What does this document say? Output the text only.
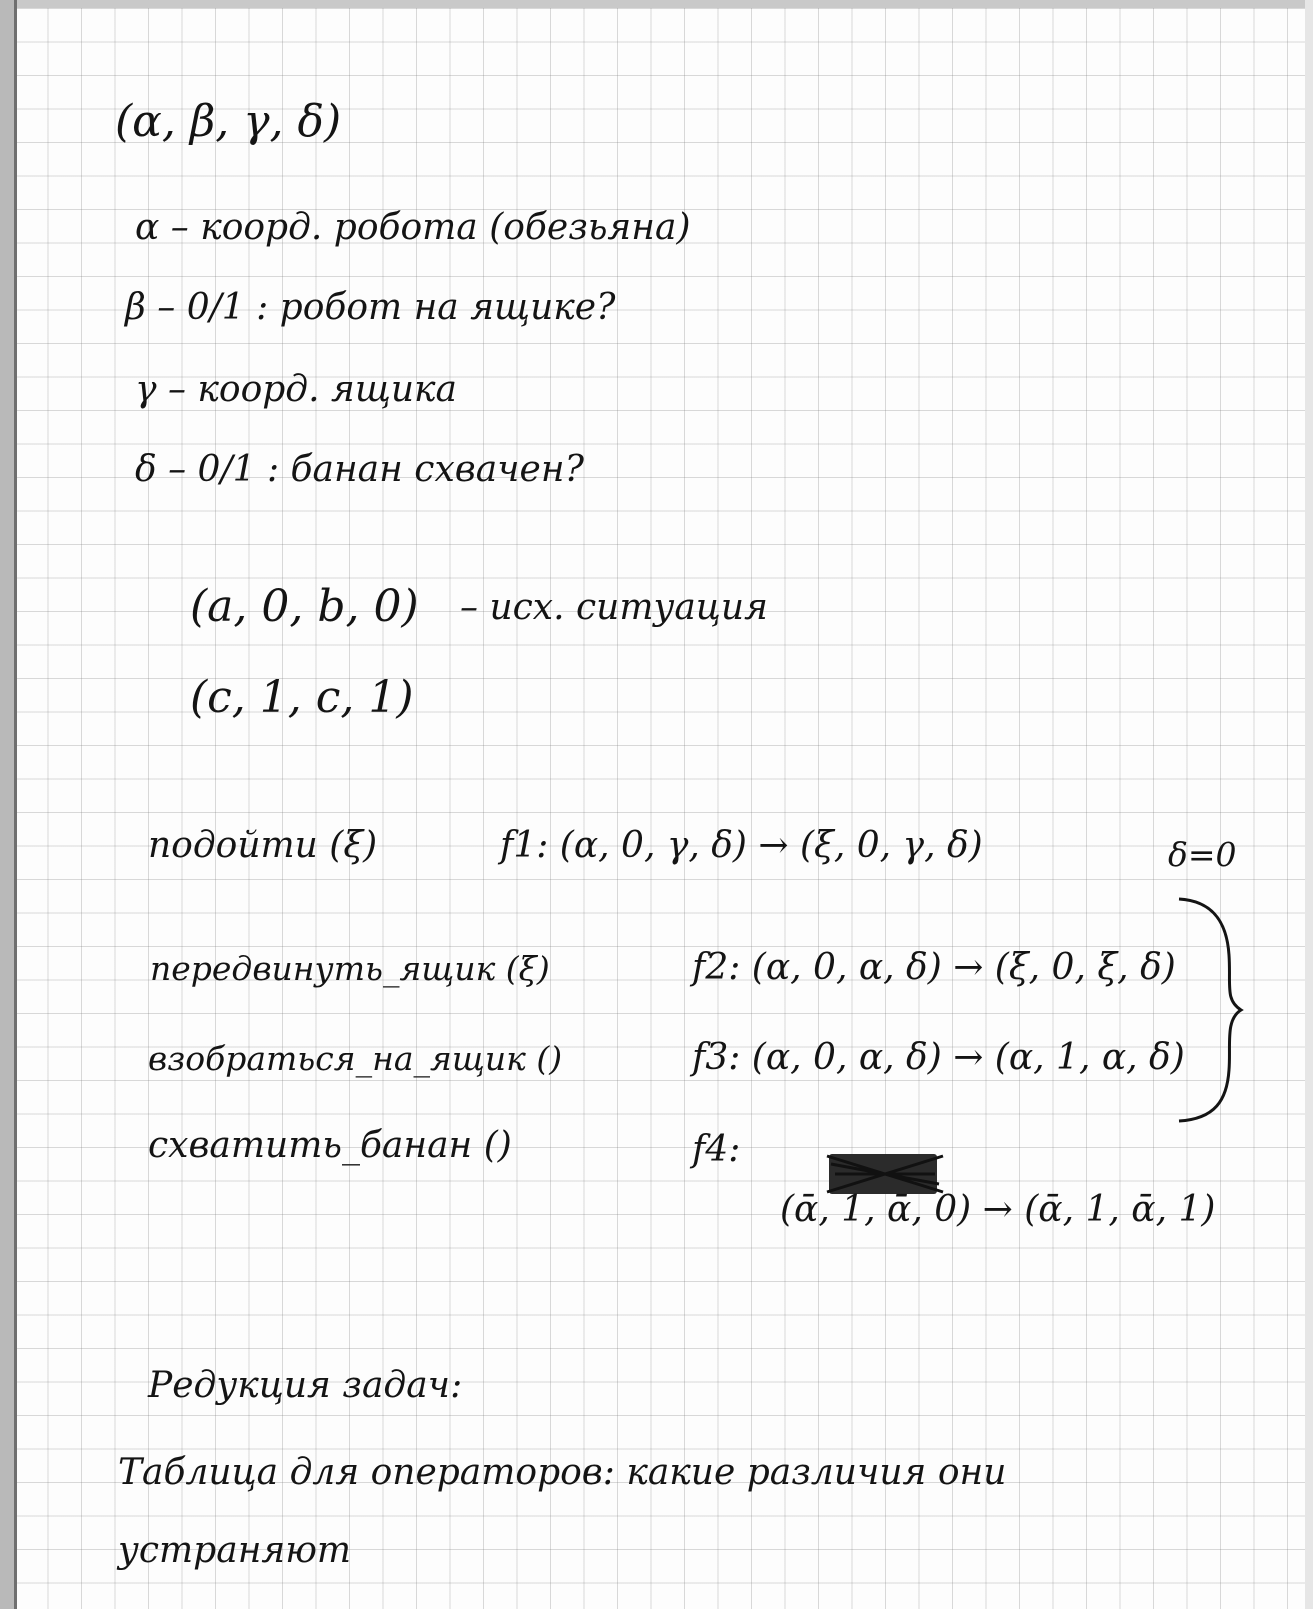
(α, β, γ, δ)

α – коорд. робота (обезьяна)

β – 0/1 : робот на ящике?

γ – коорд. ящика

δ – 0/1 : банан схвачен?

(a, 0, b, 0) – исх. ситуация

(c, 1, c, 1)

подойти (ξ)	f1: (α, 0, γ, δ) → (ξ, 0, γ, δ)	δ=0

передвинуть_ящик (ξ)	f2: (α, 0, α, δ) → (ξ, 0, ξ, δ)

взобраться_на_ящик ()	f3: (α, 0, α, δ) → (α, 1, α, δ)

схватить_банан ()	f4:

(ᾱ, 1, ᾱ, 0) → (ᾱ, 1, ᾱ, 1)

Редукция задач:

Таблица для операторов: какие различия они

устраняют
